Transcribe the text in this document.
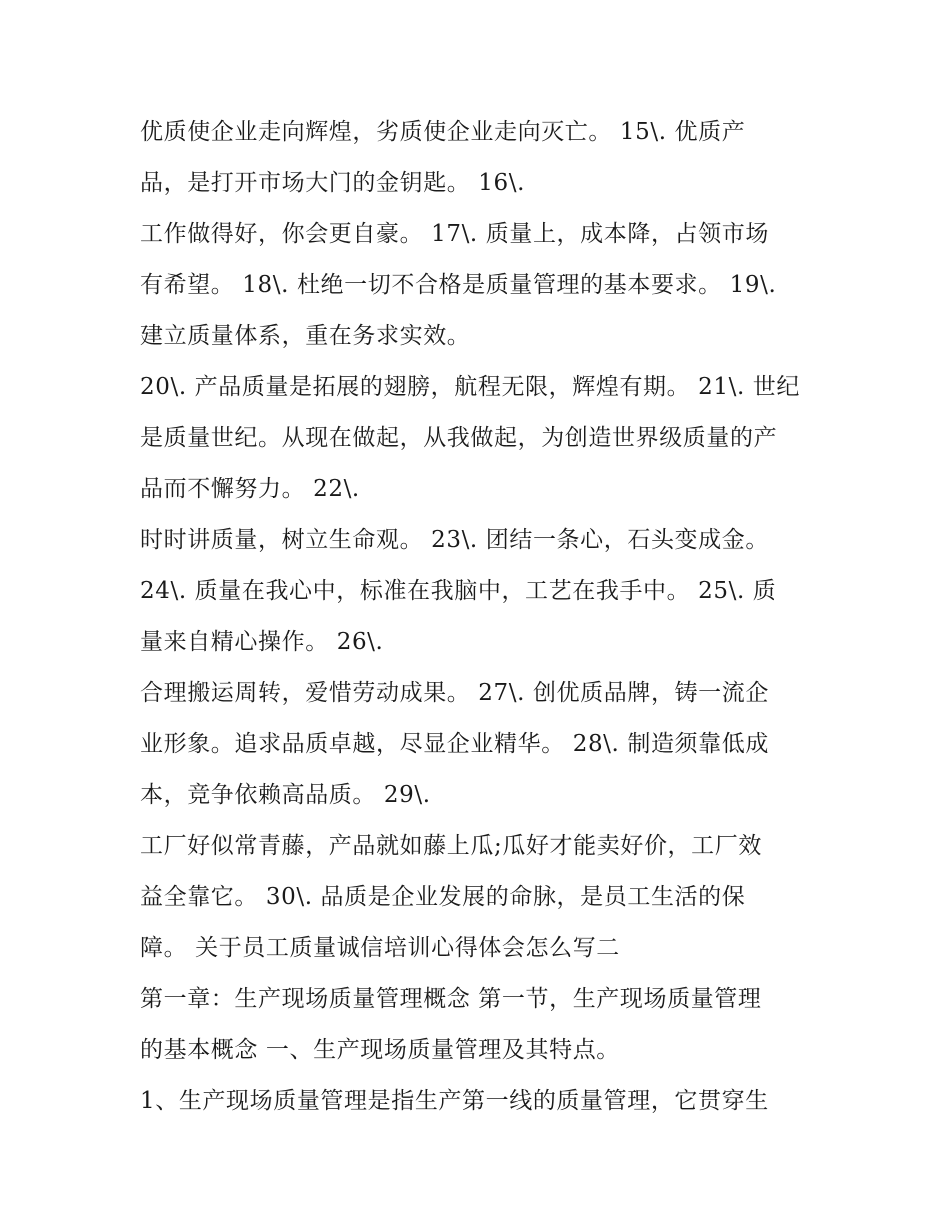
优质使企业走向辉煌，劣质使企业走向灭亡。 15\. 优质产
品，是打开市场大门的金钥匙。 16\.
工作做得好，你会更自豪。 17\. 质量上，成本降，占领市场
有希望。 18\. 杜绝一切不合格是质量管理的基本要求。 19\.
建立质量体系，重在务求实效。
20\. 产品质量是拓展的翅膀，航程无限，辉煌有期。 21\. 世纪
是质量世纪。从现在做起，从我做起，为创造世界级质量的产
品而不懈努力。 22\.
时时讲质量，树立生命观。 23\. 团结一条心，石头变成金。
24\. 质量在我心中，标准在我脑中，工艺在我手中。 25\. 质
量来自精心操作。 26\.
合理搬运周转，爱惜劳动成果。 27\. 创优质品牌，铸一流企
业形象。追求品质卓越，尽显企业精华。 28\. 制造须靠低成
本，竞争依赖高品质。 29\.
工厂好似常青藤，产品就如藤上瓜;瓜好才能卖好价，工厂效
益全靠它。 30\. 品质是企业发展的命脉，是员工生活的保
障。 关于员工质量诚信培训心得体会怎么写二
第一章：生产现场质量管理概念 第一节，生产现场质量管理
的基本概念 一、生产现场质量管理及其特点。
1、生产现场质量管理是指生产第一线的质量管理，它贯穿生
